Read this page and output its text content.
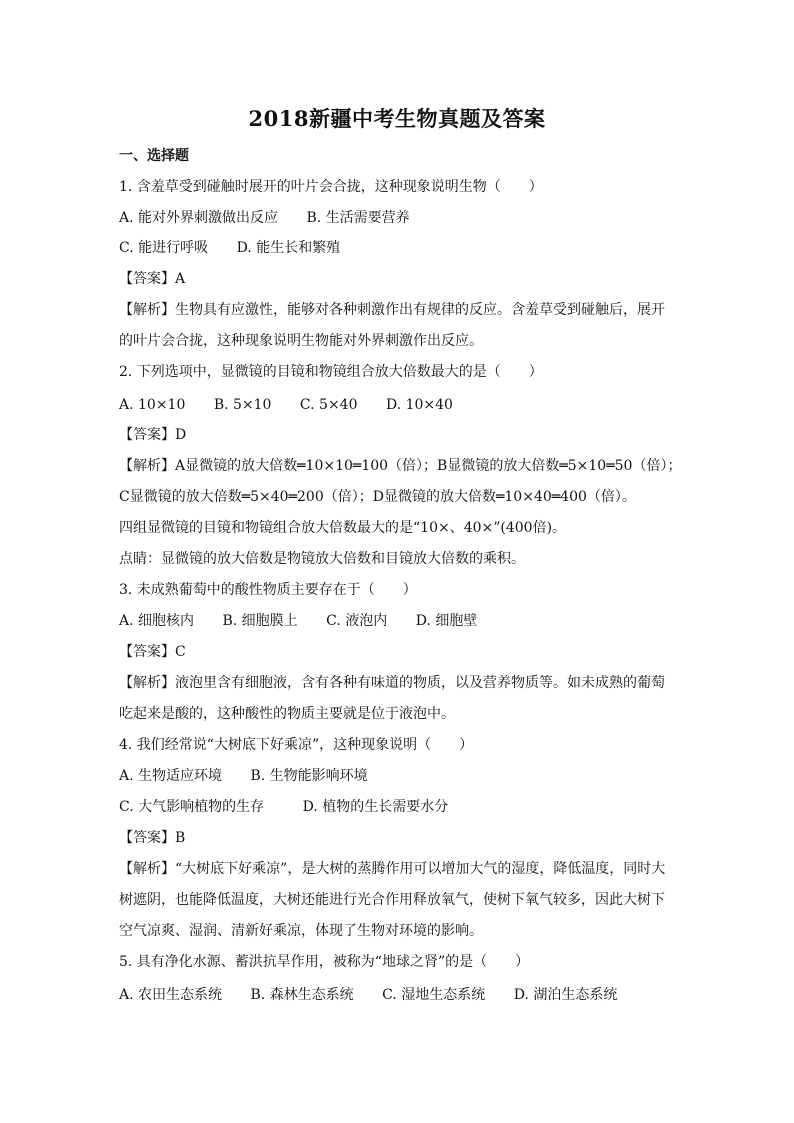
2018新疆中考生物真题及答案
一、选择题
1. 含羞草受到碰触时展开的叶片会合拢，这种现象说明生物（　　）
A. 能对外界刺激做出反应 B. 生活需要营养
C. 能进行呼吸 D. 能生长和繁殖
【答案】A
【解析】生物具有应激性，能够对各种刺激作出有规律的反应。含羞草受到碰触后，展开
的叶片会合拢，这种现象说明生物能对外界刺激作出反应。
2. 下列选项中，显微镜的目镜和物镜组合放大倍数最大的是（　　）
A. 10×10 B. 5×10 C. 5×40 D. 10×40
【答案】D
【解析】A显微镜的放大倍数═10×10═100（倍）；B显微镜的放大倍数═5×10═50（倍）；
C显微镜的放大倍数═5×40═200（倍）；D显微镜的放大倍数═10×40═400（倍）。
四组显微镜的目镜和物镜组合放大倍数最大的是“10×、40×”(400倍)。
点睛：显微镜的放大倍数是物镜放大倍数和目镜放大倍数的乘积。
3. 未成熟葡萄中的酸性物质主要存在于（　　）
A. 细胞核内 B. 细胞膜上 C. 液泡内 D. 细胞壁
【答案】C
【解析】液泡里含有细胞液，含有各种有味道的物质，以及营养物质等。如未成熟的葡萄
吃起来是酸的，这种酸性的物质主要就是位于液泡中。
4. 我们经常说“大树底下好乘凉”，这种现象说明（　　）
A. 生物适应环境 B. 生物能影响环境
C. 大气影响植物的生存	D. 植物的生长需要水分
【答案】B
【解析】“大树底下好乘凉”，是大树的蒸腾作用可以增加大气的湿度，降低温度，同时大
树遮阴，也能降低温度，大树还能进行光合作用释放氧气，使树下氧气较多，因此大树下
空气凉爽、湿润、清新好乘凉，体现了生物对环境的影响。
5. 具有净化水源、蓄洪抗旱作用，被称为“地球之肾”的是（　　）
A. 农田生态系统 B. 森林生态系统 C. 湿地生态系统 D. 湖泊生态系统
